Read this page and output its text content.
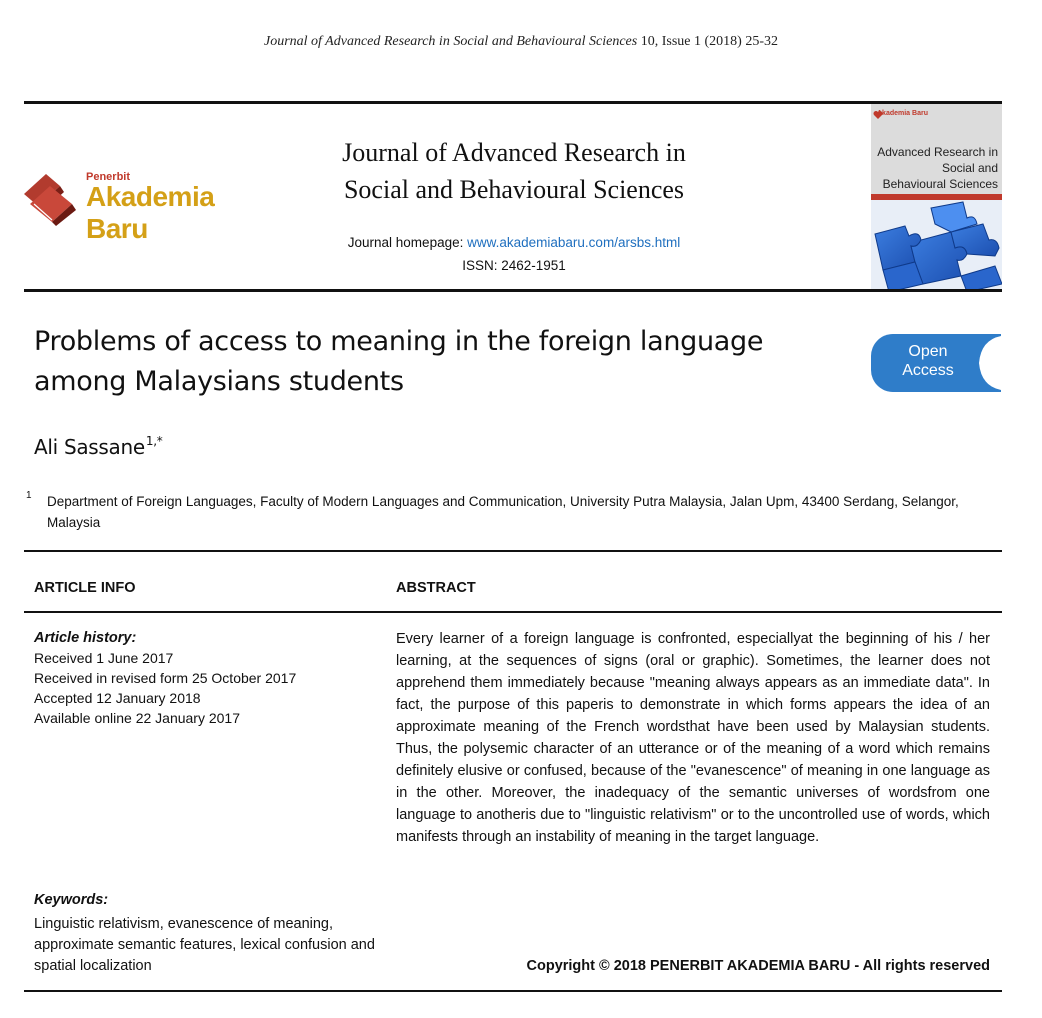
Journal of Advanced Research in Social and Behavioural Sciences 10, Issue 1 (2018) 25-32
Penerbit
Akademia Baru
Journal of Advanced Research in
Social and Behavioural Sciences
Journal homepage: www.akademiabaru.com/arsbs.html
ISSN: 2462-1951
Akademia Baru
Advanced Research in
Social and
Behavioural Sciences
Problems of access to meaning in the foreign language
among Malaysians students
Open
Access
Ali Sassane$^{1,*}$
1 Department of Foreign Languages, Faculty of Modern Languages and Communication, University Putra Malaysia, Jalan Upm, 43400 Serdang, Selangor, Malaysia
ARTICLE INFO	ABSTRACT
Article history:
Received 1 June 2017
Received in revised form 25 October 2017
Accepted 12 January 2018
Available online 22 January 2017
Every learner of a foreign language is confronted, especiallyat the beginning of his / her learning, at the sequences of signs (oral or graphic). Sometimes, the learner does not apprehend them immediately because "meaning always appears as an immediate data". In fact, the purpose of this paperis to demonstrate in which forms appears the idea of an approximate meaning of the French wordsthat have been used by Malaysian students. Thus, the polysemic character of an utterance or of the meaning of a word which remains definitely elusive or confused, because of the "evanescence" of meaning in one language as in the other. Moreover, the inadequacy of the semantic universes of wordsfrom one language to anotheris due to "linguistic relativism" or to the uncontrolled use of words, which manifests through an instability of meaning in the target language.
Keywords:
Linguistic relativism, evanescence of meaning, approximate semantic features, lexical confusion and spatial localization	Copyright © 2018 PENERBIT AKADEMIA BARU - All rights reserved
